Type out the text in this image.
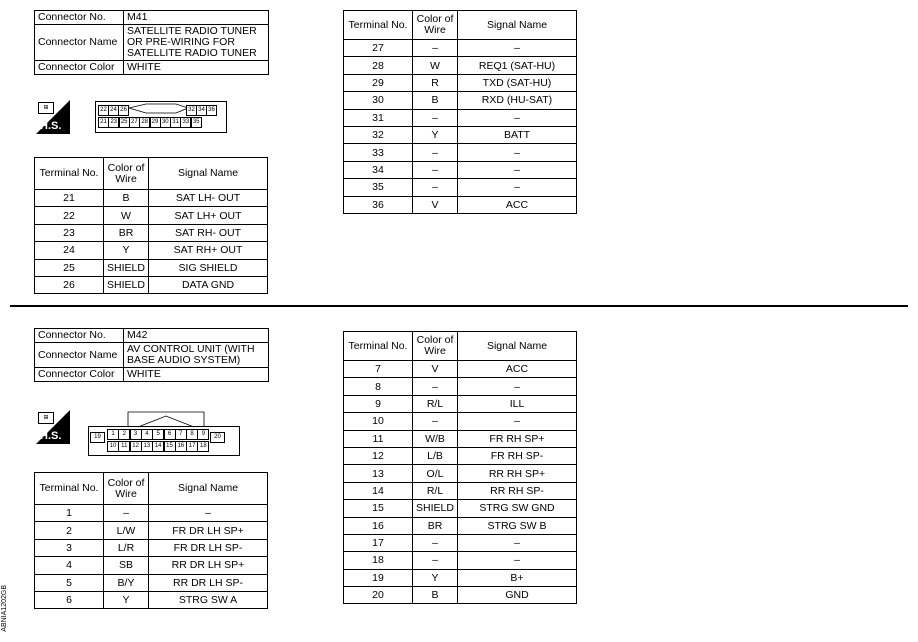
Connector No.	M41
Connector Name	SATELLITE RADIO TUNER OR PRE-WIRING FOR SATELLITE RADIO TUNER
Connector Color	WHITE
⊞
H.S.
22 24 26	32 34 36
21 23 25 27 28 29 30 31 33 35
Terminal No.	Color of Wire	Signal Name
21	B	SAT LH- OUT
22	W	SAT LH+ OUT
23	BR	SAT RH- OUT
24	Y	SAT RH+ OUT
25	SHIELD	SIG SHIELD
26	SHIELD	DATA GND
Terminal No.	Color of Wire	Signal Name
27	–	–
28	W	REQ1 (SAT-HU)
29	R	TXD (SAT-HU)
30	B	RXD (HU-SAT)
31	–	–
32	Y	BATT
33	–	–
34	–	–
35	–	–
36	V	ACC
Connector No.	M42
Connector Name	AV CONTROL UNIT (WITH BASE AUDIO SYSTEM)
Connector Color	WHITE
⊞
H.S.	1	2	3	4	5	6	7	8	9
10 11 12 13 14 15 16 17 18
19	20
Terminal No.	Color of Wire	Signal Name
1	–	–
2	L/W	FR DR LH SP+
3	L/R	FR DR LH SP-
4	SB	RR DR LH SP+
5	B/Y	RR DR LH SP-
6	Y	STRG SW A
Terminal No.	Color of Wire	Signal Name
7	V	ACC
8	–	–
9	R/L	ILL
10	–	–
11	W/B	FR RH SP+
12	L/B	FR RH SP-
13	O/L	RR RH SP+
14	R/L	RR RH SP-
15	SHIELD	STRG SW GND
16	BR	STRG SW B
17	–	–
18	–	–
19	Y	B+
20	B	GND
ABNIA1202GB
